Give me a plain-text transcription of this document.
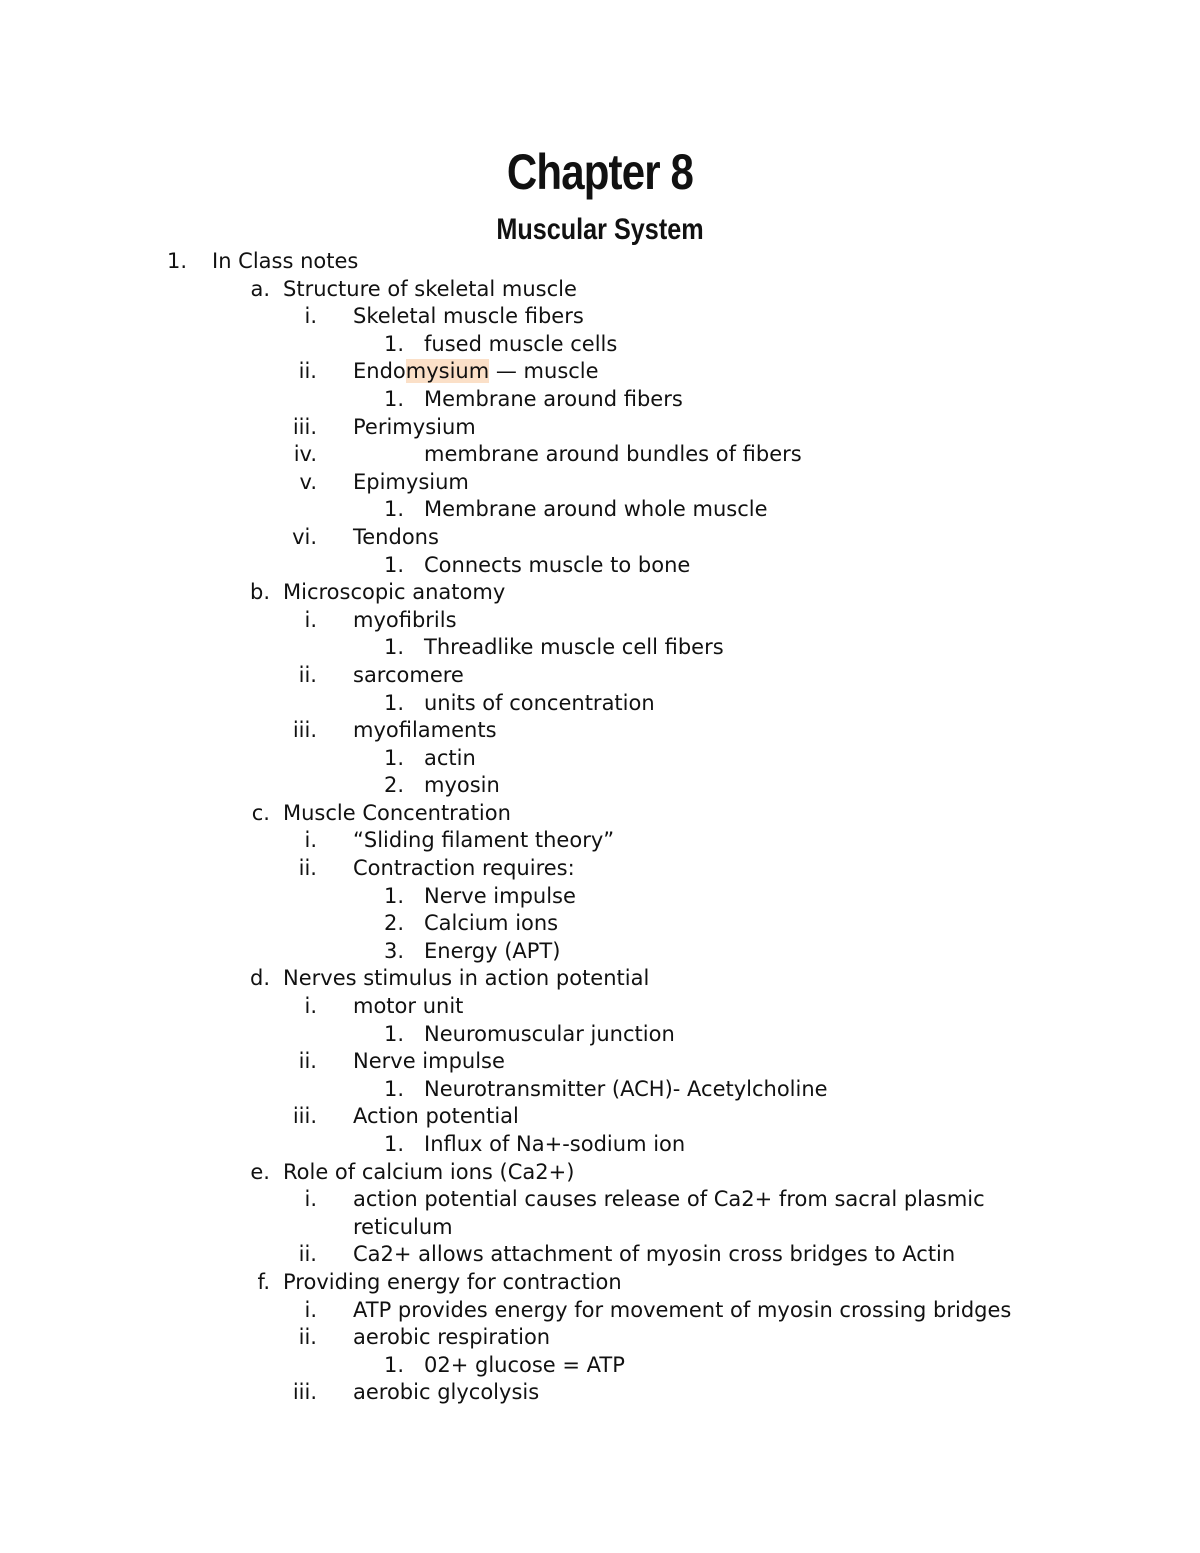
Chapter 8
Muscular System
1. In Class notes
a. Structure of skeletal muscle
i. Skeletal muscle fibers
1. fused muscle cells
ii. Endomysium — muscle
1. Membrane around fibers
iii. Perimysium
iv.	membrane around bundles of fibers
v. Epimysium
1. Membrane around whole muscle
vi. Tendons
1. Connects muscle to bone
b. Microscopic anatomy
i. myofibrils
1. Threadlike muscle cell fibers
ii. sarcomere
1. units of concentration
iii. myofilaments
1. actin
2. myosin
c. Muscle Concentration
i. “Sliding filament theory”
ii. Contraction requires:
1. Nerve impulse
2. Calcium ions
3. Energy (APT)
d. Nerves stimulus in action potential
i. motor unit
1. Neuromuscular junction
ii. Nerve impulse
1. Neurotransmitter (ACH)- Acetylcholine
iii. Action potential
1. Influx of Na+-sodium ion
e. Role of calcium ions (Ca2+)
i. action potential causes release of Ca2+ from sacral plasmic reticulum
ii. Ca2+ allows attachment of myosin cross bridges to Actin
f. Providing energy for contraction
i. ATP provides energy for movement of myosin crossing bridges
ii. aerobic respiration
1. 02+ glucose = ATP
iii. aerobic glycolysis
